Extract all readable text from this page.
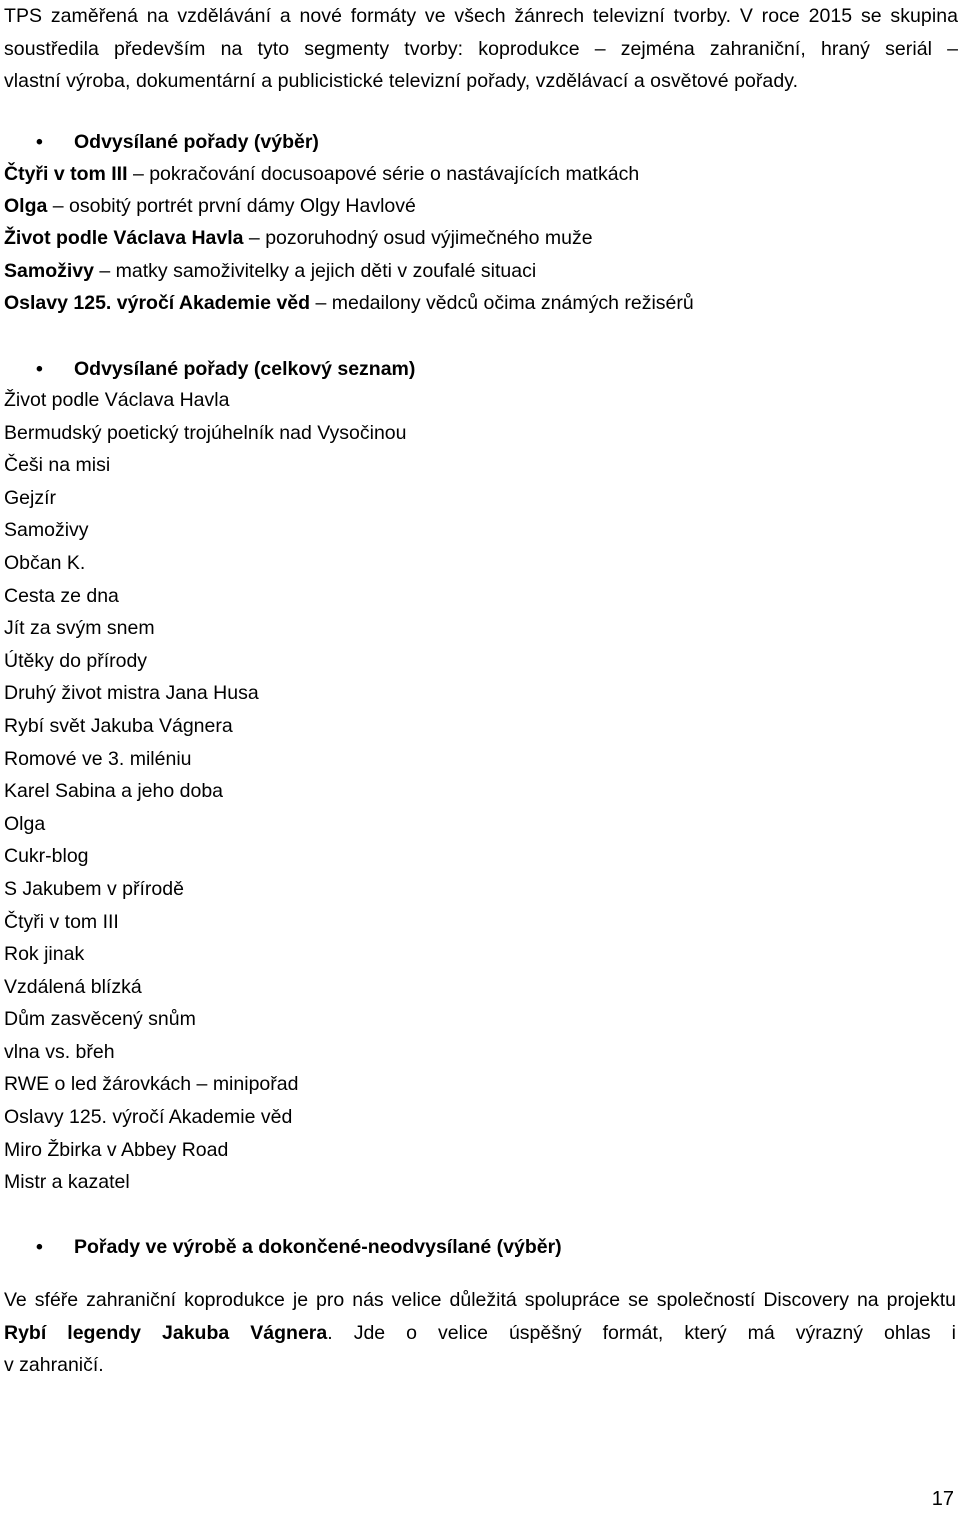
TPS zaměřená na vzdělávání a nové formáty ve všech žánrech televizní tvorby. V roce 2015 se skupina
soustředila především na tyto segmenty tvorby: koprodukce – zejména zahraniční, hraný seriál –
vlastní výroba, dokumentární a publicistické televizní pořady, vzdělávací a osvětové pořady.
• Odvysílané pořady (výběr)
Čtyři v tom III – pokračování docusoapové série o nastávajících matkách
Olga – osobitý portrét první dámy Olgy Havlové
Život podle Václava Havla – pozoruhodný osud výjimečného muže
Samoživy – matky samoživitelky a jejich děti v zoufalé situaci
Oslavy 125. výročí Akademie věd – medailony vědců očima známých režisérů
• Odvysílané pořady (celkový seznam)
Život podle Václava Havla
Bermudský poetický trojúhelník nad Vysočinou
Češi na misi
Gejzír
Samoživy
Občan K.
Cesta ze dna
Jít za svým snem
Útěky do přírody
Druhý život mistra Jana Husa
Rybí svět Jakuba Vágnera
Romové ve 3. miléniu
Karel Sabina a jeho doba
Olga
Cukr-blog
S Jakubem v přírodě
Čtyři v tom III
Rok jinak
Vzdálená blízká
Dům zasvěcený snům
vlna vs. břeh
RWE o led žárovkách – minipořad
Oslavy 125. výročí Akademie věd
Miro Žbirka v Abbey Road
Mistr a kazatel
• Pořady ve výrobě a dokončené-neodvysílané (výběr)
Ve sféře zahraniční koprodukce je pro nás velice důležitá spolupráce se společností Discovery na projektu Rybí legendy Jakuba Vágnera. Jde o velice úspěšný formát, který má výrazný ohlas i
v zahraničí.
17
